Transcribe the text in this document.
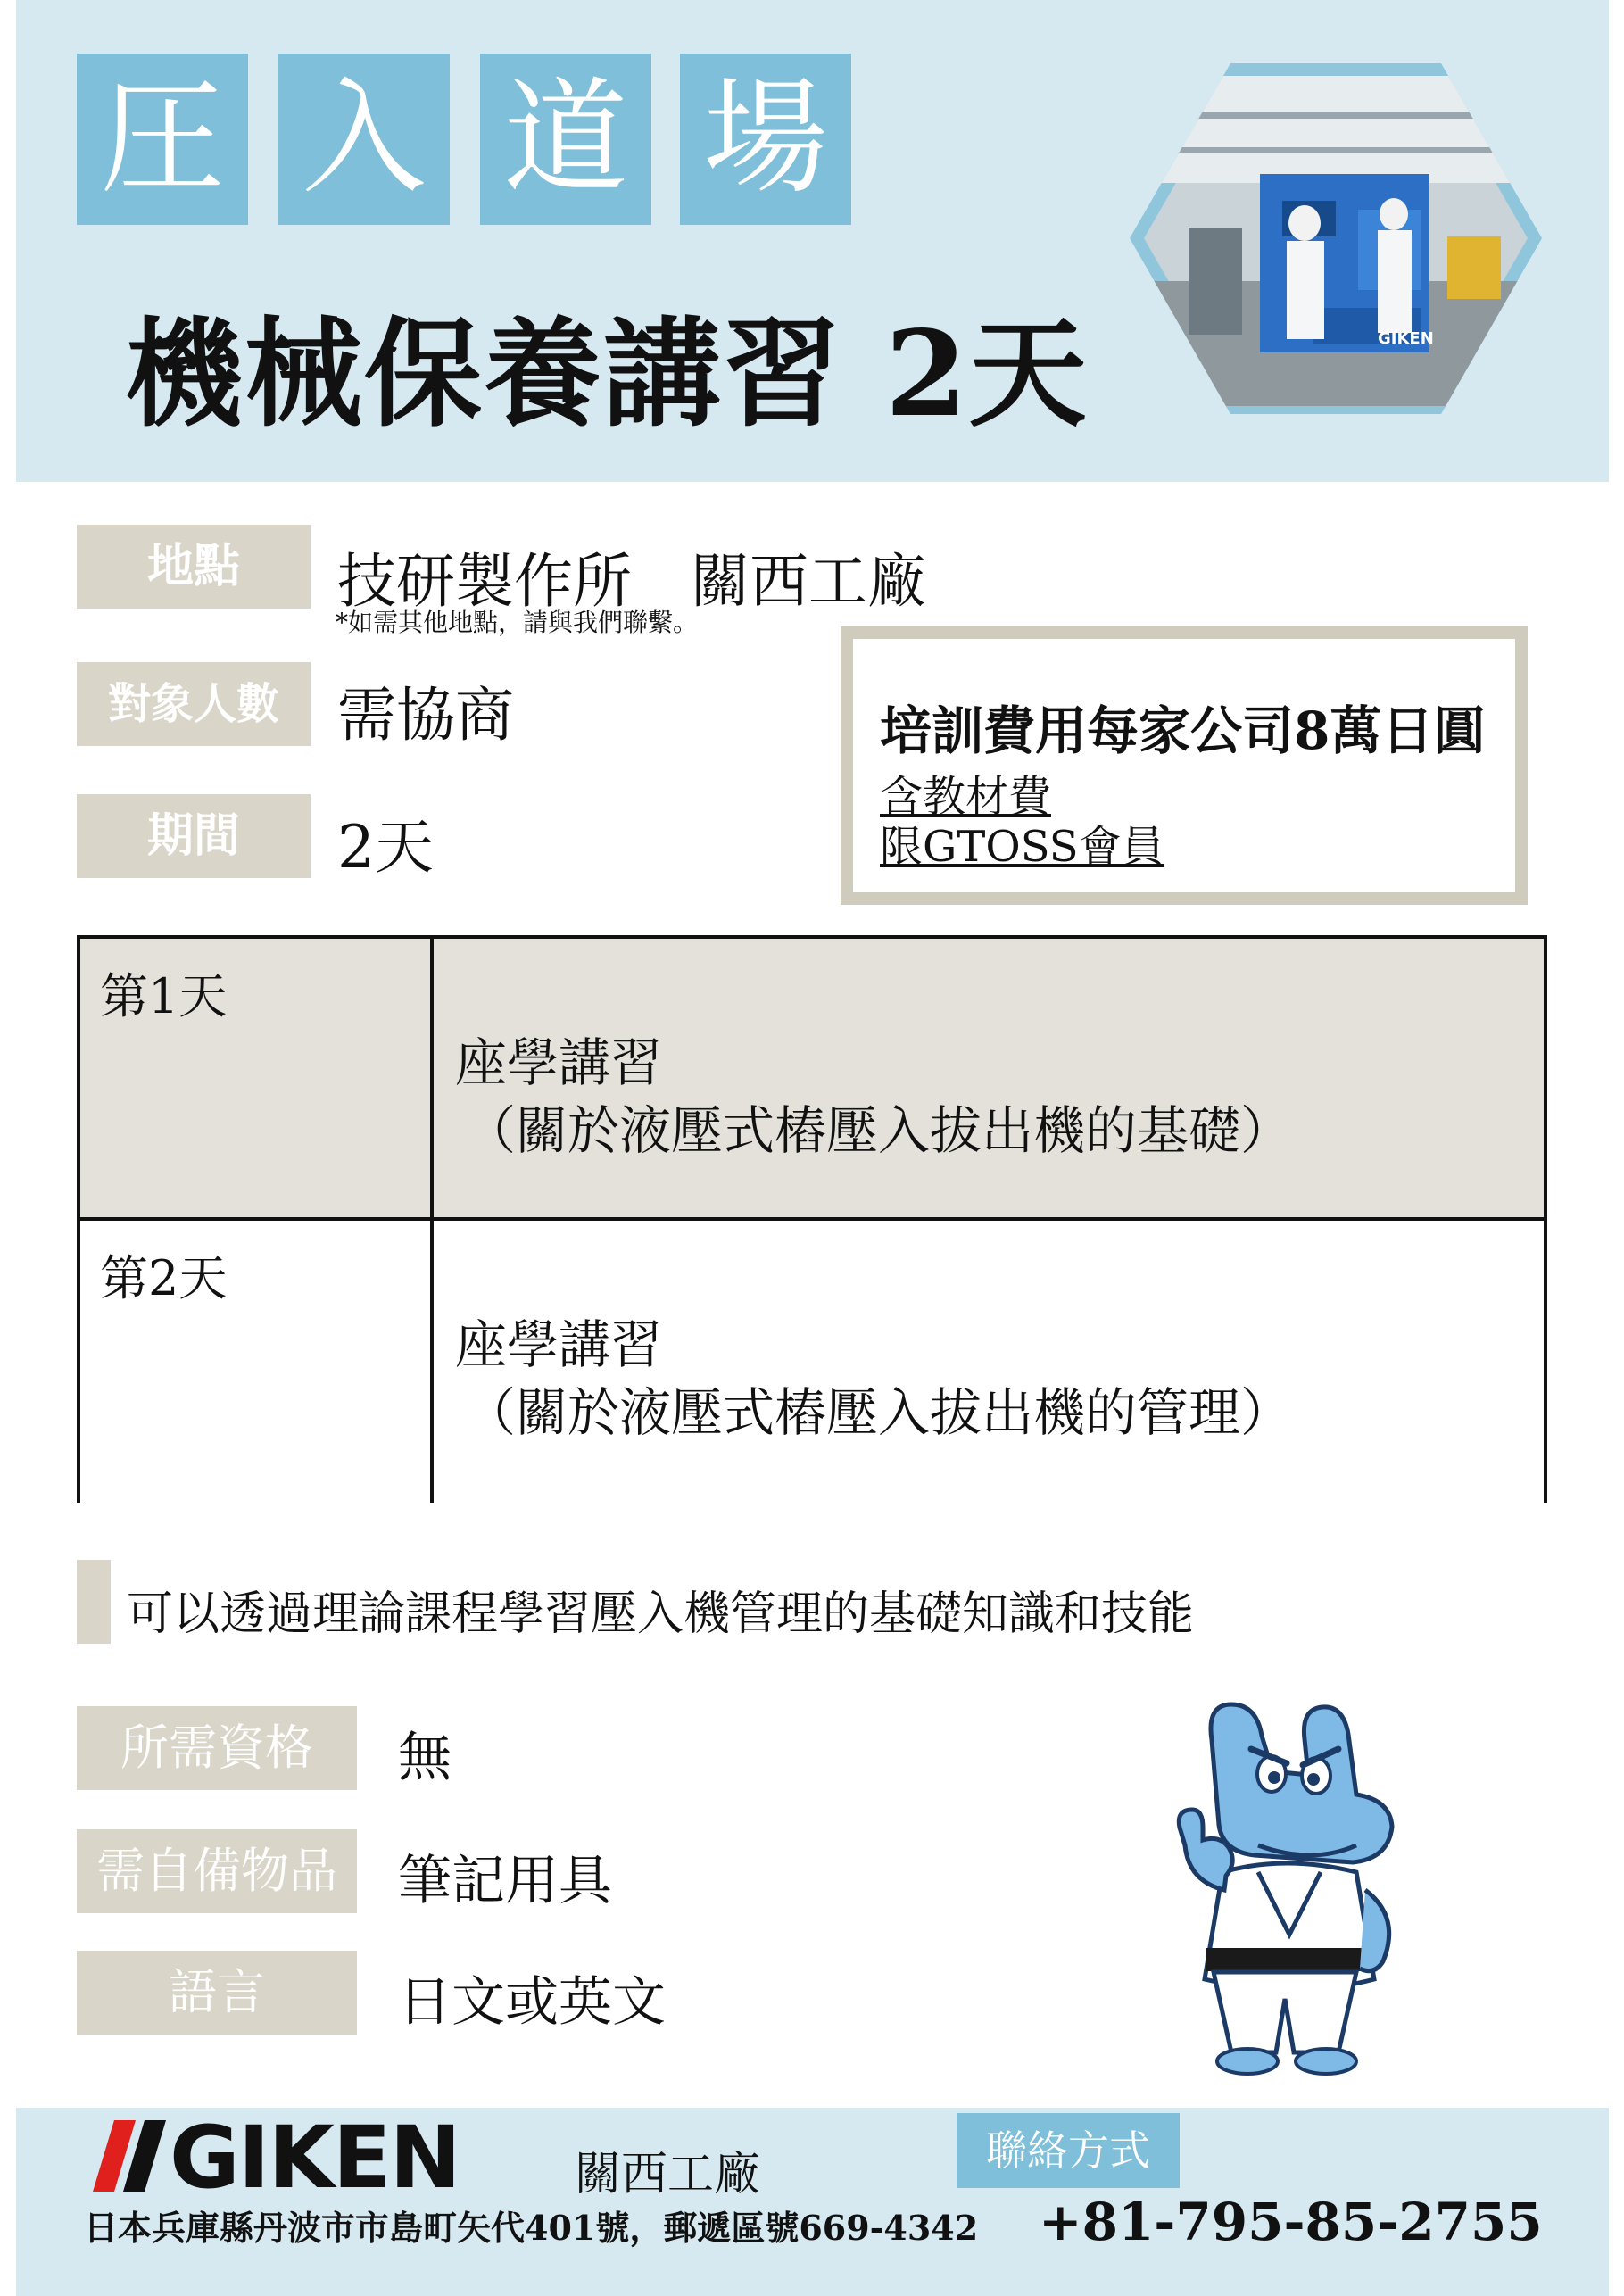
圧 入 道 場
機械保養講習 2天	GIKEN
地點	技研製作所　關西工廠
*如需其他地點，請與我們聯繫。
對象人數 需協商
期間	2天
培訓費用每家公司8萬日圓
含教材費
限GTOSS會員
第1天
座學講習
（關於液壓式樁壓入拔出機的基礎）
第2天
座學講習
（關於液壓式樁壓入拔出機的管理）
可以透過理論課程學習壓入機管理的基礎知識和技能
所需資格	無
需自備物品	筆記用具
語言	日文或英文
GIKEN 關西工廠
日本兵庫縣丹波市市島町矢代401號，郵遞區號669-4342
聯絡方式
+81-795-85-2755
